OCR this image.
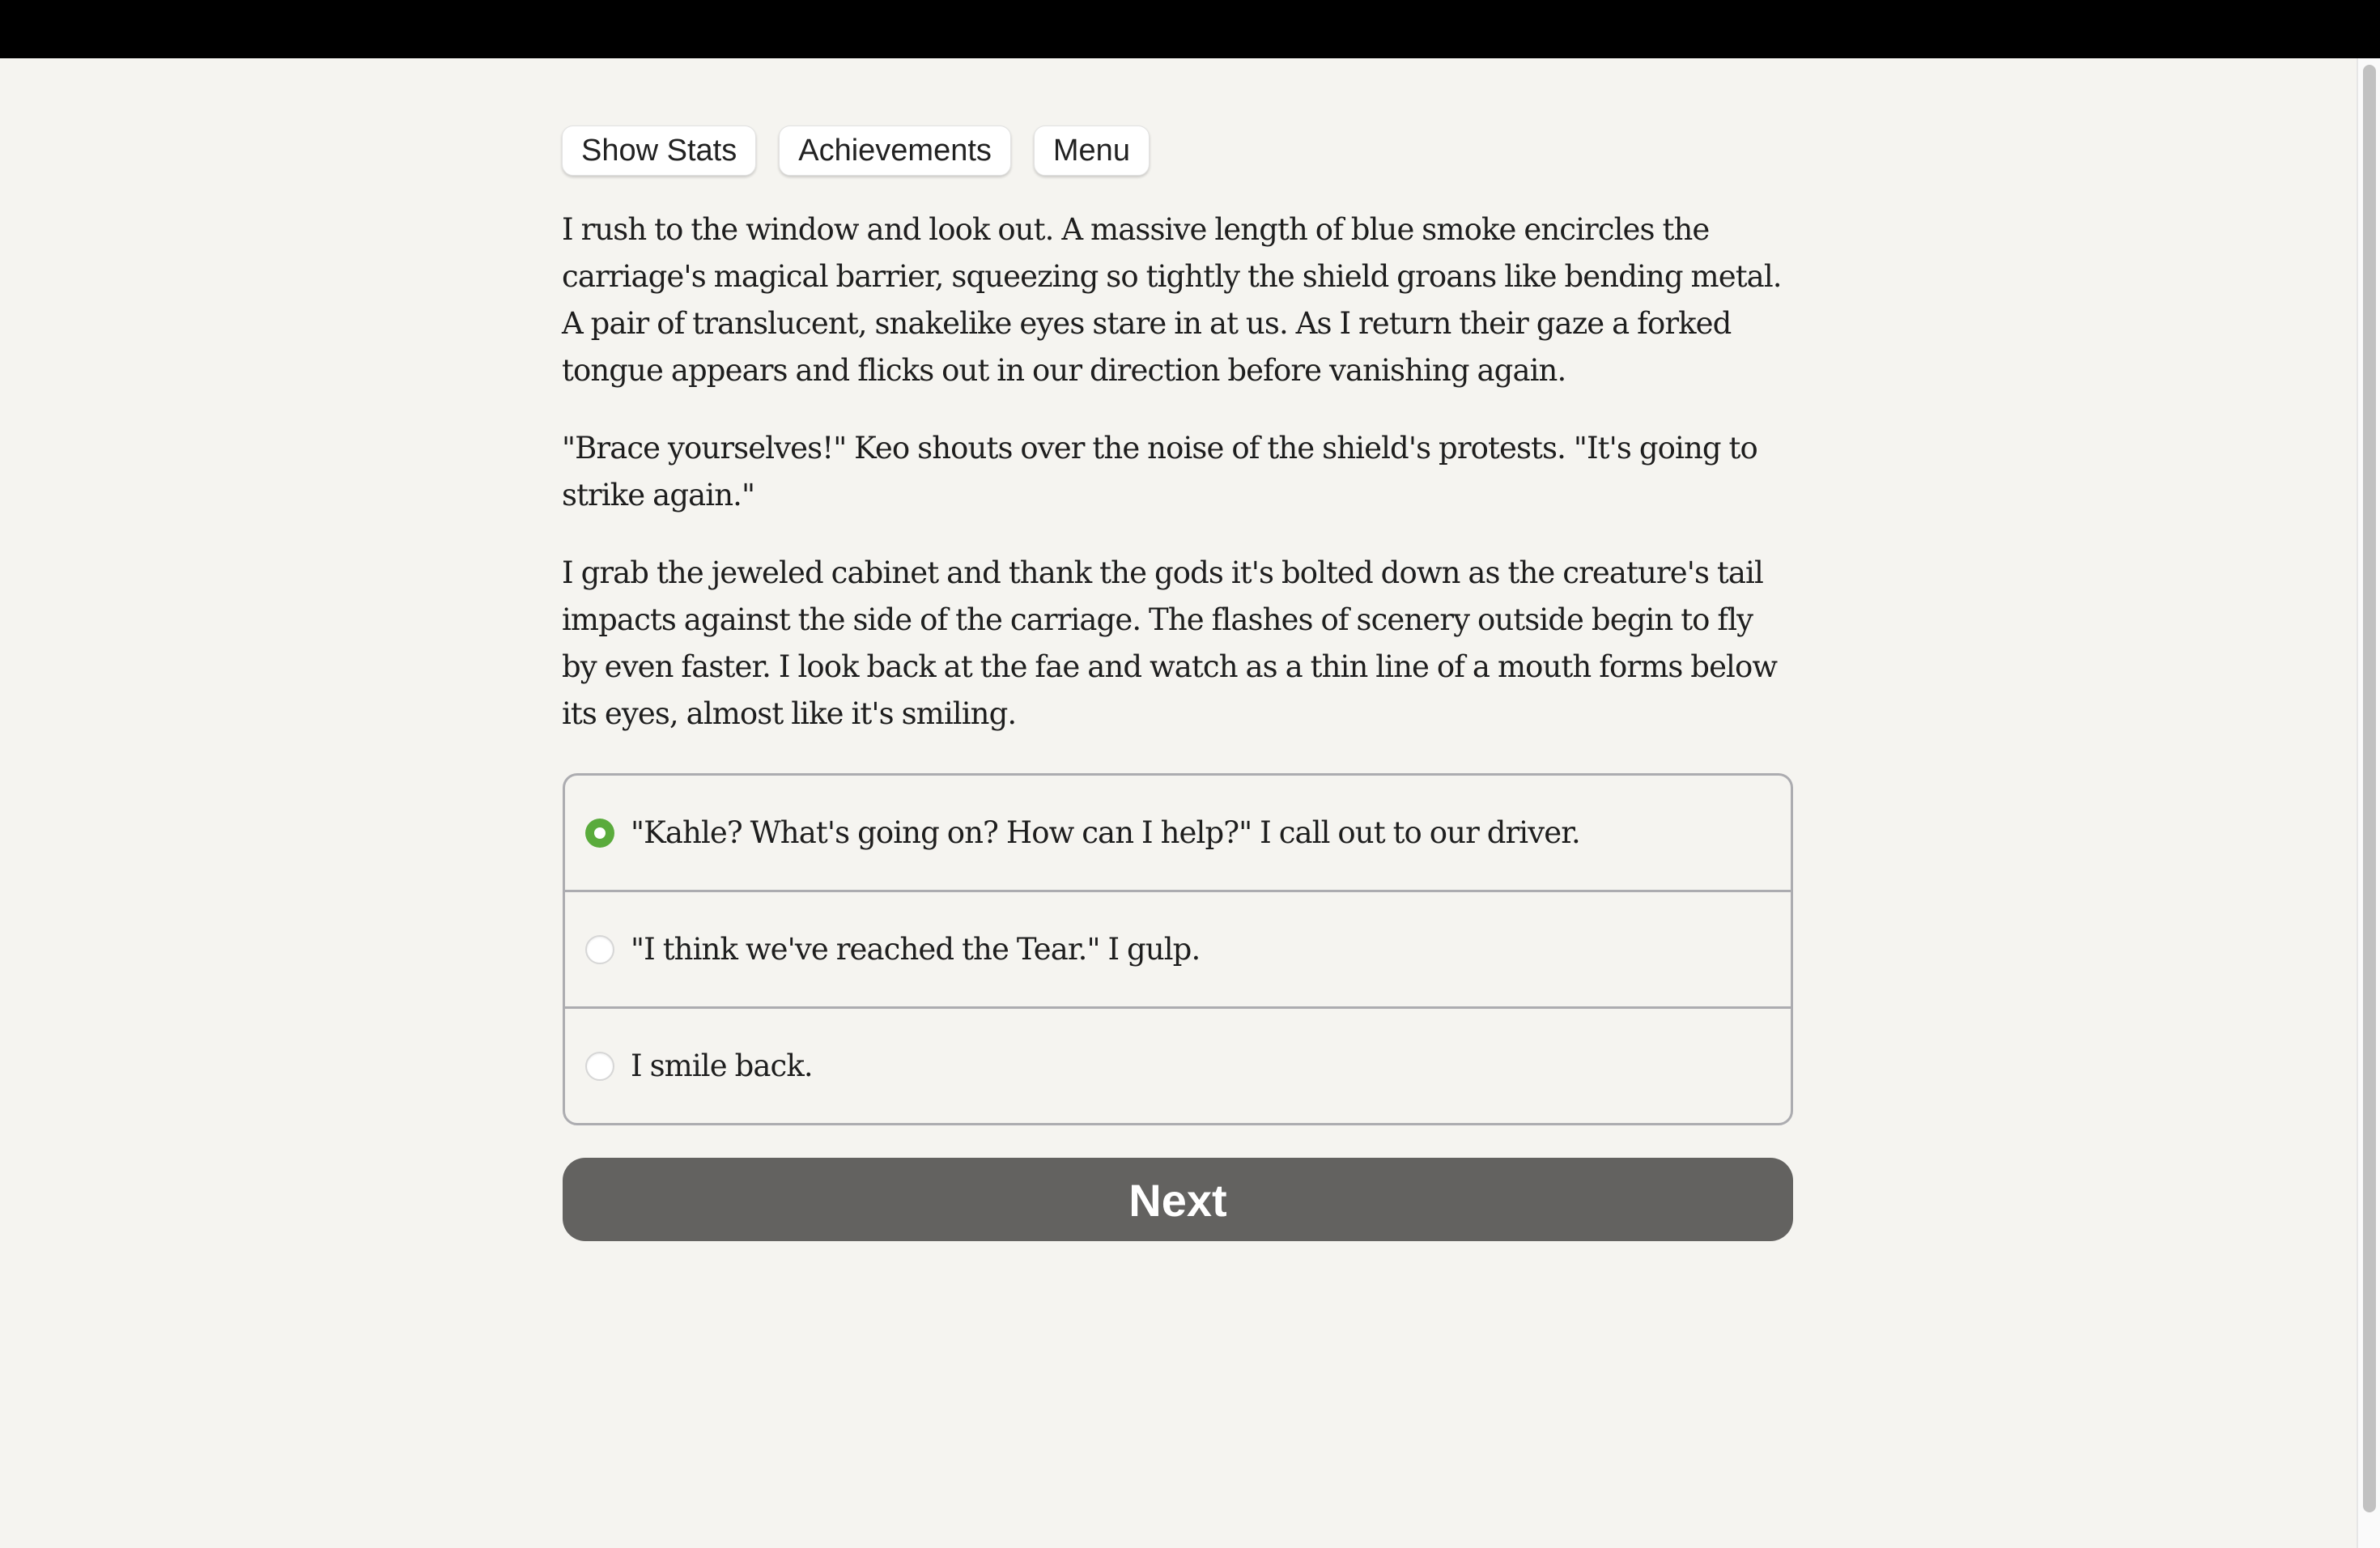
Show Stats	Achievements	Menu

I rush to the window and look out. A massive length of blue smoke encircles the carriage's magical barrier, squeezing so tightly the shield groans like bending metal. A pair of translucent, snakelike eyes stare in at us. As I return their gaze a forked tongue appears and flicks out in our direction before vanishing again.

"Brace yourselves!" Keo shouts over the noise of the shield's protests. "It's going to strike again."

I grab the jeweled cabinet and thank the gods it's bolted down as the creature's tail impacts against the side of the carriage. The flashes of scenery outside begin to fly by even faster. I look back at the fae and watch as a thin line of a mouth forms below its eyes, almost like it's smiling.

"Kahle? What's going on? How can I help?" I call out to our driver.
"I think we've reached the Tear." I gulp.
I smile back.
Next
